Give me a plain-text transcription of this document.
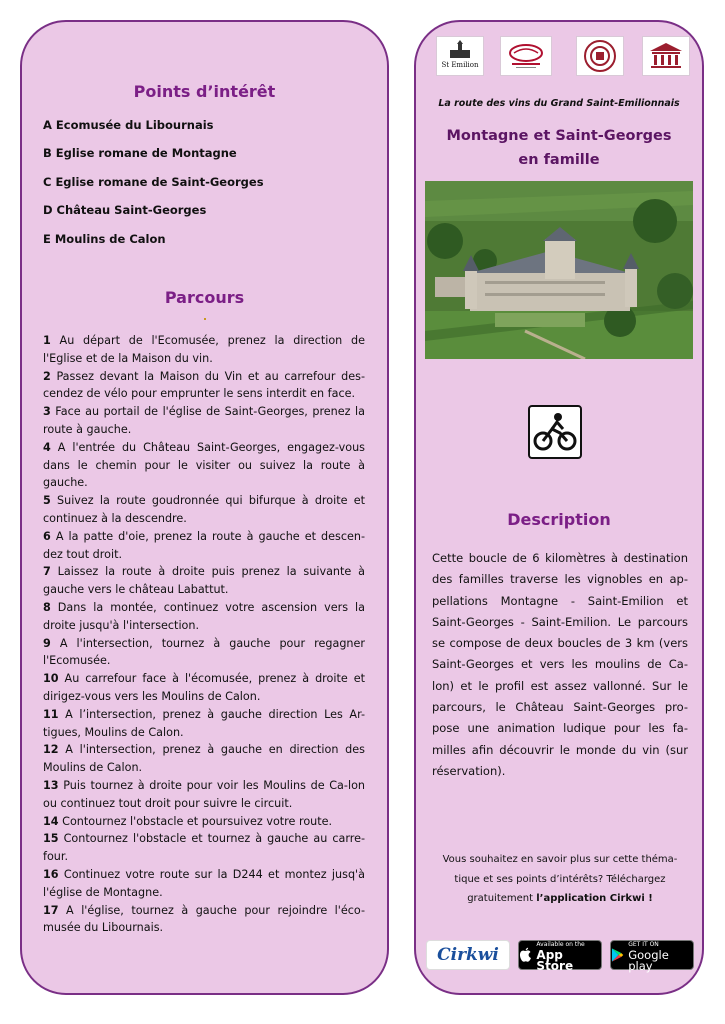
Points d’intérêt
A Ecomusée du Libournais
B Eglise romane de Montagne
C Eglise romane de Saint-Georges
D Château Saint-Georges
E Moulins de Calon
Parcours
1 Au départ de l'Ecomusée, prenez la direction de l'Eglise et de la Maison du vin.
2 Passez devant la Maison du Vin et au carrefour des-cendez de vélo pour emprunter le sens interdit en face.
3 Face au portail de l'église de Saint-Georges, prenez la route à gauche.
4 A l'entrée du Château Saint-Georges, engagez-vous dans le chemin pour le visiter ou suivez la route à gauche.
5 Suivez la route goudronnée qui bifurque à droite et continuez à la descendre.
6 A la patte d'oie, prenez la route à gauche et descen-dez tout droit.
7 Laissez la route à droite puis prenez la suivante à gauche vers le château Labattut.
8 Dans la montée, continuez votre ascension vers la droite jusqu'à l'intersection.
9 A l'intersection, tournez à gauche pour regagner l'Ecomusée.
10 Au carrefour face à l'écomusée, prenez à droite et dirigez-vous vers les Moulins de Calon.
11 A l’intersection, prenez à gauche direction Les Ar-tigues, Moulins de Calon.
12 A l'intersection, prenez à gauche en direction des Moulins de Calon.
13 Puis tournez à droite pour voir les Moulins de Ca-lon ou continuez tout droit pour suivre le circuit.
14 Contournez l'obstacle et poursuivez votre route.
15 Contournez l'obstacle et tournez à gauche au carre-four.
16 Continuez votre route sur la D244 et montez jusq'à l'église de Montagne.
17 A l'église, tournez à gauche pour rejoindre l'éco-musée du Libournais.
St Emilion
La route des vins du Grand Saint-Emilionnais
Montagne et Saint-Georges
en famille
Description
Cette boucle de 6 kilomètres à destination des familles traverse les vignobles en ap-pellations Montagne - Saint-Emilion et Saint-Georges - Saint-Emilion. Le parcours se compose de deux boucles de 3 km (vers Saint-Georges et vers les moulins de Ca-lon) et le profil est assez vallonné. Sur le parcours, le Château Saint-Georges pro-pose une animation ludique pour les fa-milles afin découvrir le monde du vin (sur réservation).
Vous souhaitez en savoir plus sur cette théma-
tique et ses points d’intérêts? Téléchargez
gratuitement l’application Cirkwi !
Cirkwi
Available on the
App Store
GET IT ON
Google play
